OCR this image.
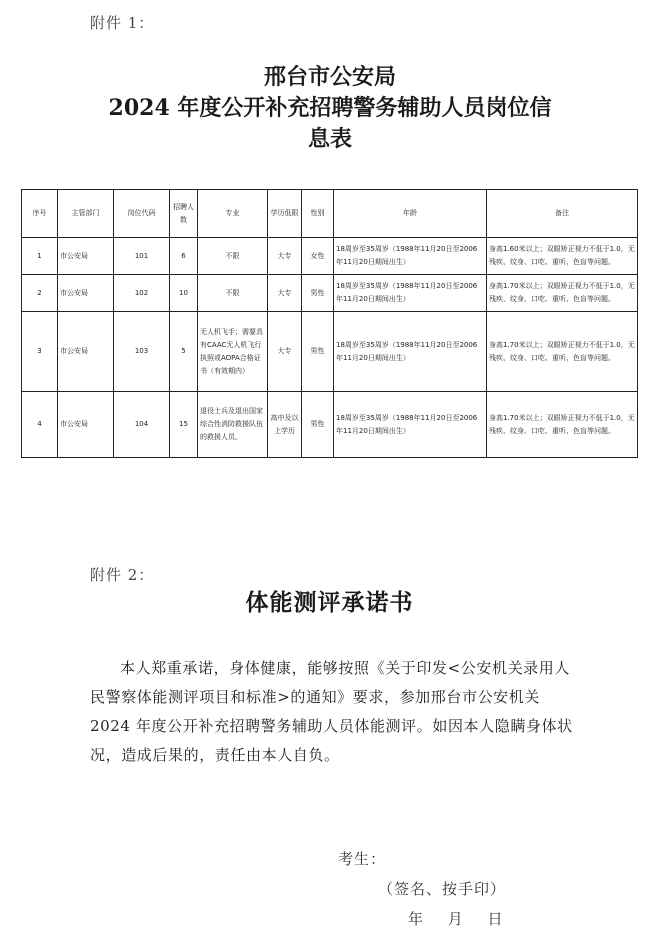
附件 1：
邢台市公安局
2024 年度公开补充招聘警务辅助人员岗位信
息表
序号	主管部门	岗位代码	招聘人数	专业	学历低限	性别	年龄	备注
1	市公安局	101	6	不限	大专	女性	18周岁至35周岁（1988年11月20日至2006年11月20日期间出生）	身高1.60米以上；双眼矫正视力不低于1.0，无残疾、纹身、口吃、重听、色盲等问题。
2	市公安局	102	10	不限	大专	男性	18周岁至35周岁（1988年11月20日至2006年11月20日期间出生）	身高1.70米以上；双眼矫正视力不低于1.0，无残疾、纹身、口吃、重听、色盲等问题。
3	市公安局	103	5	无人机飞手；需要具有CAAC无人机飞行执照或AOPA合格证书（有效期内）	大专	男性	18周岁至35周岁（1988年11月20日至2006年11月20日期间出生）	身高1.70米以上；双眼矫正视力不低于1.0，无残疾、纹身、口吃、重听、色盲等问题。
4	市公安局	104	15	退役士兵及退出国家综合性消防救援队伍的救援人员。	高中及以上学历	男性	18周岁至35周岁（1988年11月20日至2006年11月20日期间出生）	身高1.70米以上；双眼矫正视力不低于1.0，无残疾、纹身、口吃、重听、色盲等问题。
附件 2：
体能测评承诺书
本人郑重承诺，身体健康，能够按照《关于印发<公安机关录用人民警察体能测评项目和标准>的通知》要求，参加邢台市公安机关 2024 年度公开补充招聘警务辅助人员体能测评。如因本人隐瞒身体状况，造成后果的，责任由本人自负。
考生：
（签名、按手印）
年 月 日
